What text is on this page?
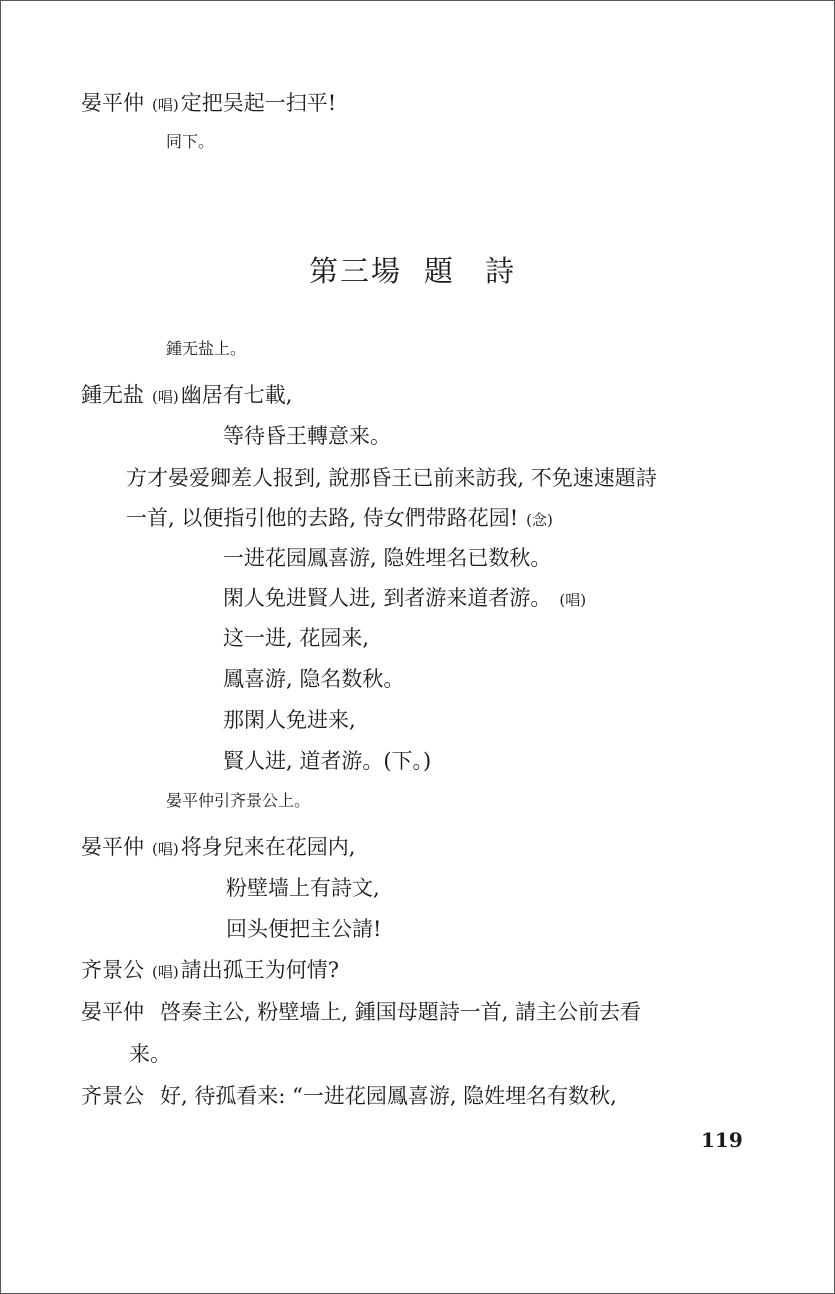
晏平仲 (唱)定把吴起一扫平!
同下。
第三場 題 詩
鍾无盐上。
鍾无盐 (唱)幽居有七載,
等待昏王轉意来。
方才晏爱卿差人报到, 說那昏王已前来訪我, 不免速速題詩
一首, 以便指引他的去路, 侍女們带路花园! (念)
一进花园鳳喜游, 隐姓埋名已数秋。
閑人免进賢人进, 到者游来道者游。 (唱)
这一进, 花园来,
鳳喜游, 隐名数秋。
那閑人免进来,
賢人进, 道者游。(下。)
晏平仲引齐景公上。
晏平仲 (唱)将身兒来在花园内,
粉壁墙上有詩文,
回头便把主公請!
齐景公 (唱)請出孤王为何情?
晏平仲 啓奏主公, 粉壁墙上, 鍾国母題詩一首, 請主公前去看
来。
齐景公 好, 待孤看来: “一进花园鳳喜游, 隐姓埋名有数秋,
119
